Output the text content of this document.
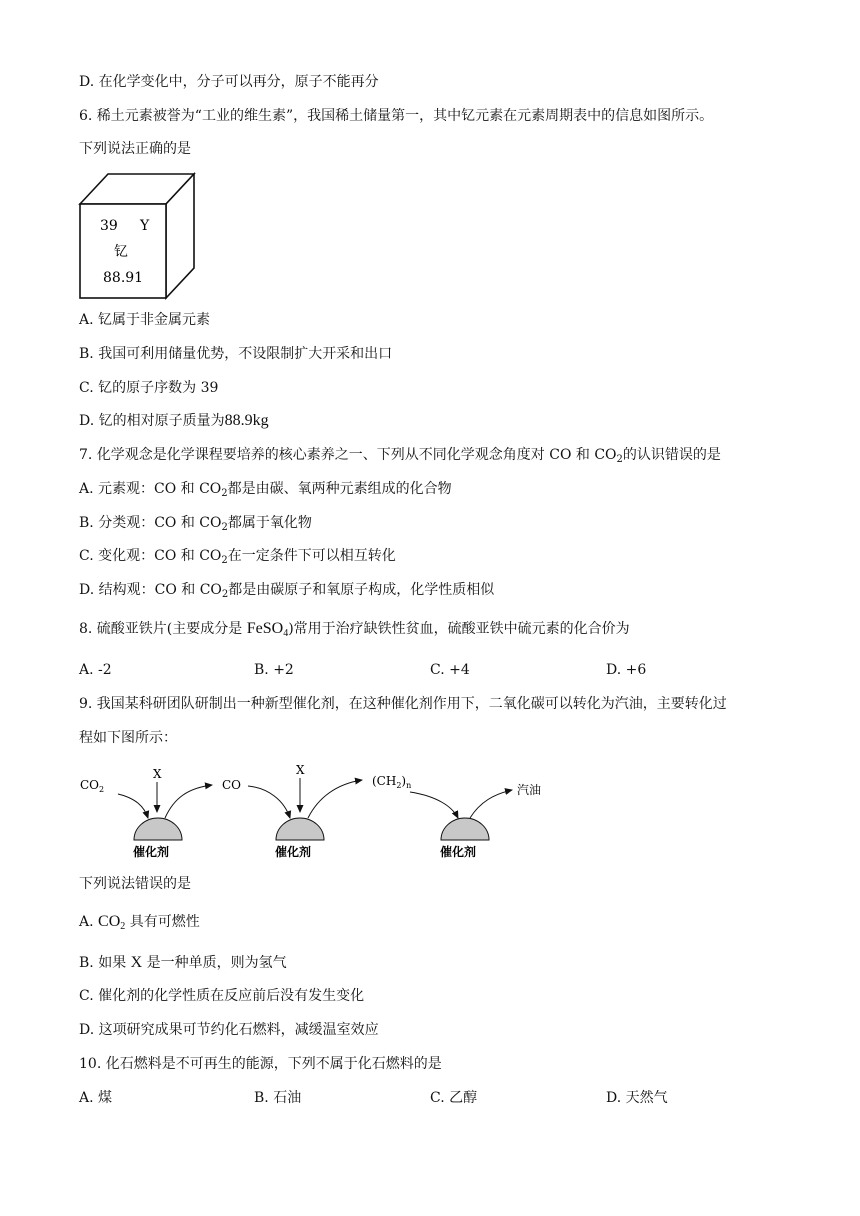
D. 在化学变化中，分子可以再分，原子不能再分
6. 稀土元素被誉为“工业的维生素”，我国稀土储量第一，其中钇元素在元素周期表中的信息如图所示。
下列说法正确的是
39 Y
钇
88.91
A. 钇属于非金属元素
B. 我国可利用储量优势，不设限制扩大开采和出口
C. 钇的原子序数为 39
D. 钇的相对原子质量为88.9kg
7. 化学观念是化学课程要培养的核心素养之一、下列从不同化学观念角度对 CO 和 $CO_2$的认识错误的是
A. 元素观：CO 和 $CO_2$都是由碳、氧两种元素组成的化合物
B. 分类观：CO 和 $CO_2$都属于氧化物
C. 变化观：CO 和 $CO_2$在一定条件下可以相互转化
D. 结构观：CO 和 $CO_2$都是由碳原子和氧原子构成，化学性质相似
8. 硫酸亚铁片(主要成分是 FeSO$_4$)常用于治疗缺铁性贫血，硫酸亚铁中硫元素的化合价为
A. -2	B. +2	C. +4	D. +6
9. 我国某科研团队研制出一种新型催化剂，在这种催化剂作用下，二氧化碳可以转化为汽油，主要转化过
程如下图所示：
$CO_2$
X
催化剂
CO
X
催化剂
$(CH_2)_n$
催化剂
汽油
下列说法错误的是
A. $CO_2$ 具有可燃性
B. 如果 X 是一种单质，则为氢气
C. 催化剂的化学性质在反应前后没有发生变化
D. 这项研究成果可节约化石燃料，减缓温室效应
10. 化石燃料是不可再生的能源，下列不属于化石燃料的是
A. 煤	B. 石油	C. 乙醇	D. 天然气
